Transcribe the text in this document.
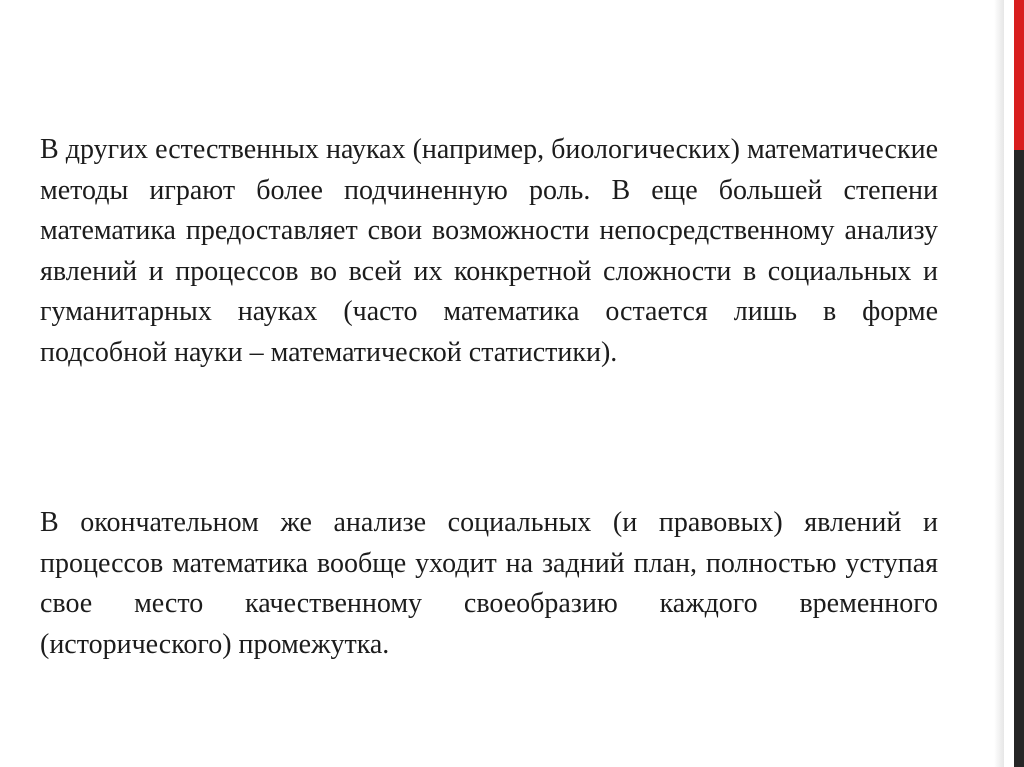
В других естественных науках (например, биологических) математические методы играют более подчиненную роль. В еще большей степени математика предоставляет свои возможности непосредственному анализу явлений и процессов во всей их конкретной сложности в социальных и гуманитарных науках (часто математика остается лишь в форме подсобной науки – математической статистики).

В окончательном же анализе социальных (и правовых) явлений и процессов математика вообще уходит на задний план, полностью уступая свое место качественному своеобразию каждого временного (исторического) промежутка.
